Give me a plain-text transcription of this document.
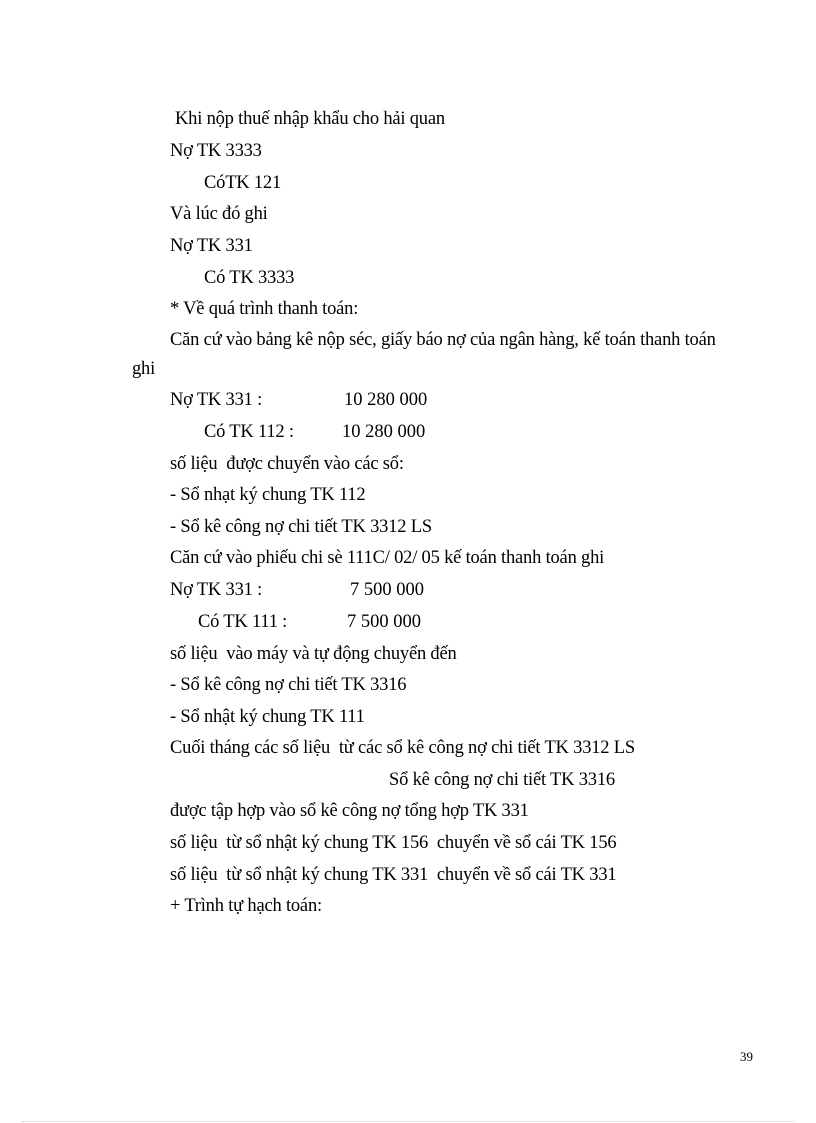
Khi nộp thuế nhập khẩu cho hải quan
Nợ TK 3333
CóTK 121
Và lúc đó ghi
Nợ TK 331
Có TK 3333
* Về quá trình thanh toán:
Căn cứ vào bảng kê nộp séc, giấy báo nợ của ngân hàng, kế toán thanh toán
ghi
Nợ TK 331 :	10 280 000
Có TK 112 :	10 280 000
số liệu  được chuyển vào các sổ:
- Sổ nhạt ký chung TK 112
- Sổ kê công nợ chi tiết TK 3312 LS
Căn cứ vào phiếu chi sè 111C/ 02/ 05 kế toán thanh toán ghi
Nợ TK 331 :	7 500 000
Có TK 111 :	7 500 000
số liệu  vào máy và tự động chuyển đến
- Sổ kê công nợ chi tiết TK 3316
- Sổ nhật ký chung TK 111
Cuối tháng các số liệu  từ các sổ kê công nợ chi tiết TK 3312 LS
Sổ kê công nợ chi tiết TK 3316
được tập hợp vào sổ kê công nợ tổng hợp TK 331
số liệu  từ sổ nhật ký chung TK 156  chuyển về sổ cái TK 156
số liệu  từ sổ nhật ký chung TK 331  chuyển về sổ cái TK 331
+ Trình tự hạch toán:
39
